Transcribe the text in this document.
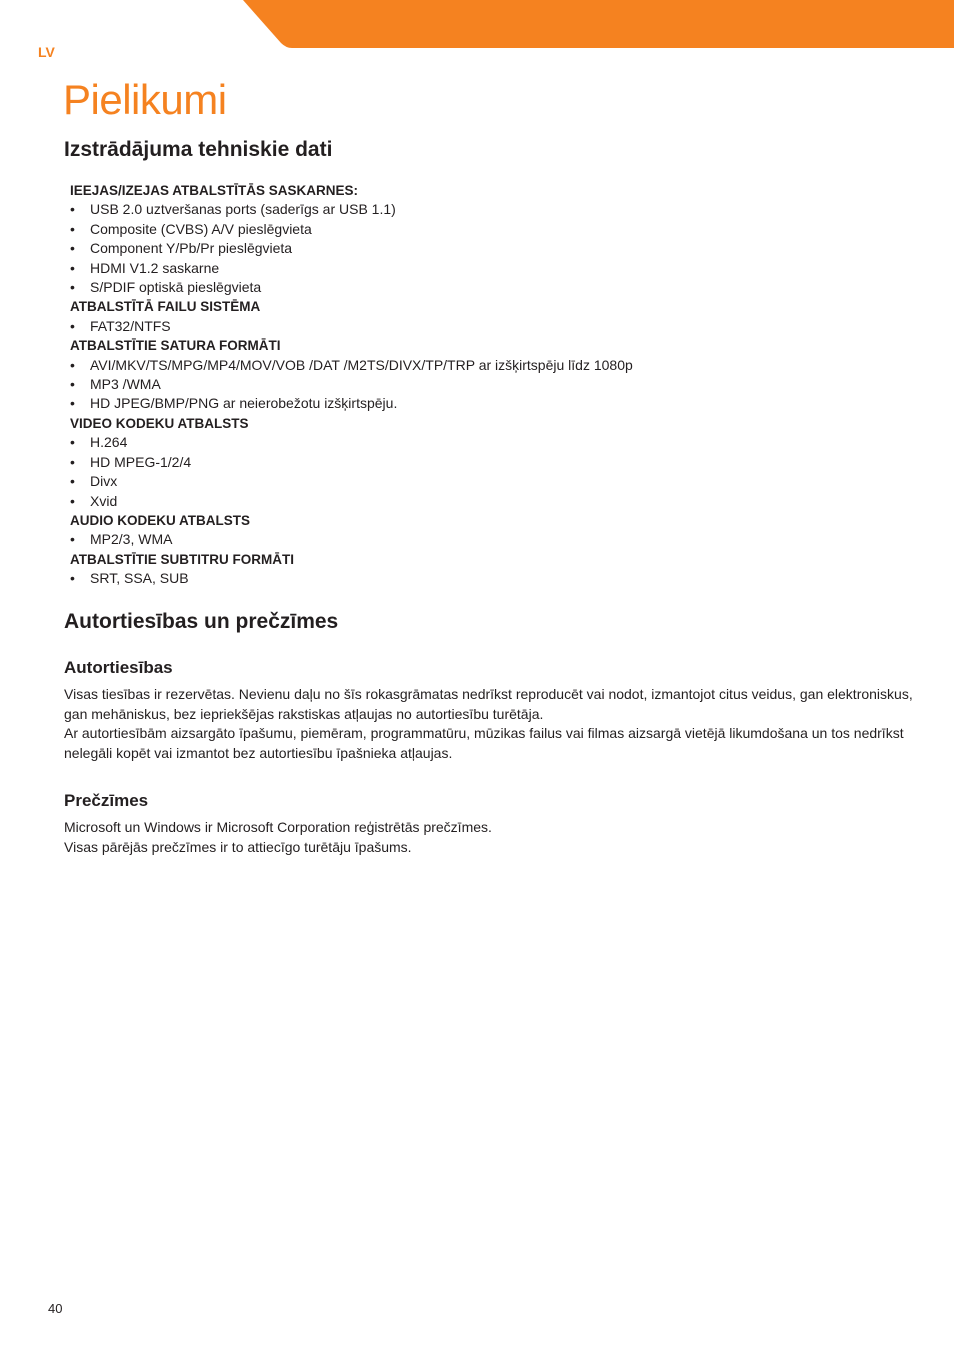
LV
Pielikumi
Izstrādājuma tehniskie dati
IEEJAS/IZEJAS ATBALSTĪTĀS SASKARNES:
• USB 2.0 uztveršanas ports (saderīgs ar USB 1.1)
• Composite (CVBS) A/V pieslēgvieta
• Component Y/Pb/Pr pieslēgvieta
• HDMI V1.2 saskarne
• S/PDIF optiskā pieslēgvieta
ATBALSTĪTĀ FAILU SISTĒMA
• FAT32/NTFS
ATBALSTĪTIE SATURA FORMĀTI
• AVI/MKV/TS/MPG/MP4/MOV/VOB /DAT /M2TS/DIVX/TP/TRP ar izšķirtspēju līdz 1080p
• MP3 /WMA
• HD JPEG/BMP/PNG ar neierobežotu izšķirtspēju.
VIDEO KODEKU ATBALSTS
• H.264
• HD MPEG-1/2/4
• Divx
• Xvid
AUDIO KODEKU ATBALSTS
• MP2/3, WMA
ATBALSTĪTIE SUBTITRU FORMĀTI
• SRT, SSA, SUB
Autortiesības un prečzīmes
Autortiesības
Visas tiesības ir rezervētas. Nevienu daļu no šīs rokasgrāmatas nedrīkst reproducēt vai nodot, izmantojot citus veidus, gan elektroniskus, gan mehāniskus, bez iepriekšējas rakstiskas atļaujas no autortiesību turētāja.
Ar autortiesībām aizsargāto īpašumu, piemēram, programmatūru, mūzikas failus vai filmas aizsargā vietējā likumdošana un tos nedrīkst nelegāli kopēt vai izmantot bez autortiesību īpašnieka atļaujas.
Prečzīmes
Microsoft un Windows ir Microsoft Corporation reģistrētās prečzīmes.
Visas pārējās prečzīmes ir to attiecīgo turētāju īpašums.
40
